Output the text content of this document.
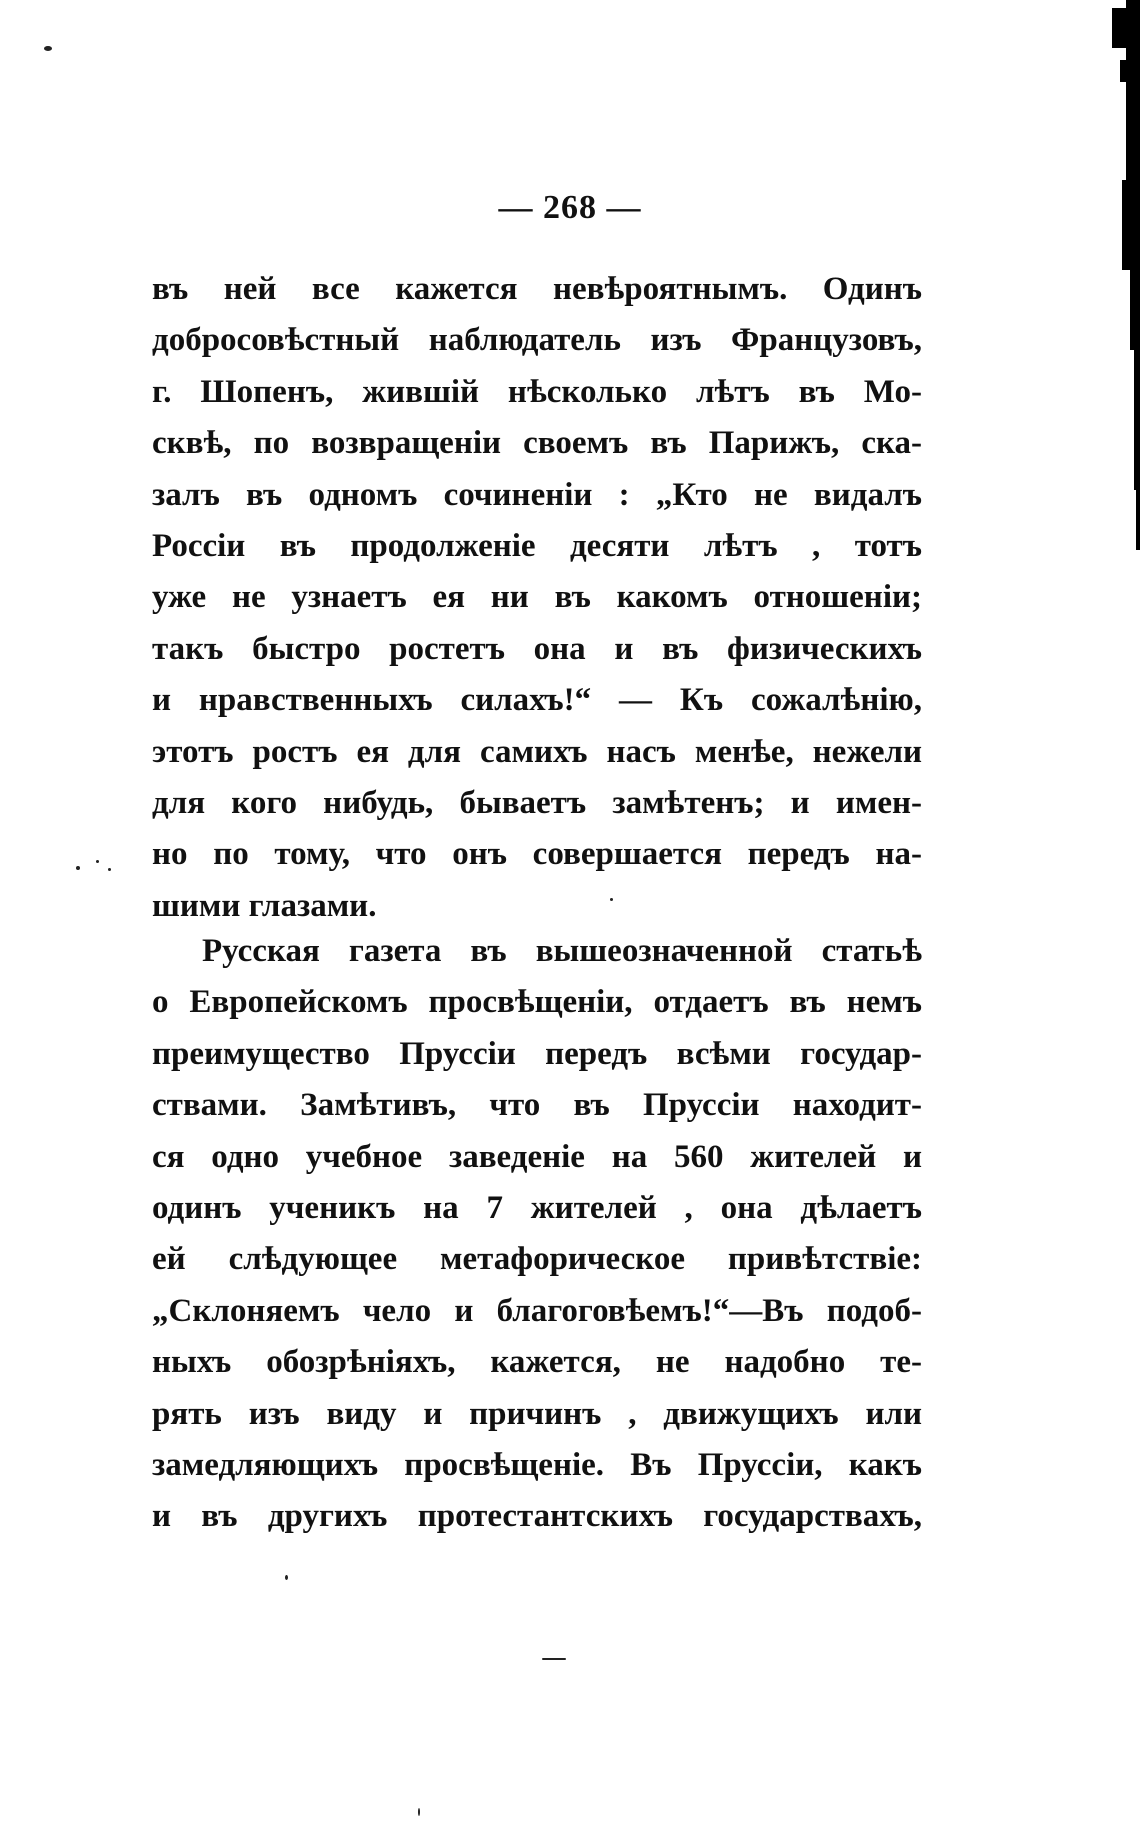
— 268 —
въ ней все кажется невѣроятнымъ. Одинъ
добросовѣстный наблюдатель изъ Французовъ,
г. Шопенъ, жившій нѣсколько лѣтъ въ Мо-
сквѣ, по возвращеніи своемъ въ Парижъ, ска-
залъ въ одномъ сочиненіи : „Кто не видалъ
Россіи въ продолженіе десяти лѣтъ , тотъ
уже не узнаетъ ея ни въ какомъ отношеніи;
такъ быстро ростетъ она и въ физическихъ
и нравственныхъ силахъ!“ — Къ сожалѣнію,
этотъ ростъ ея для самихъ насъ менѣе, нежели
для кого нибудь, бываетъ замѣтенъ; и имен-
но по тому, что онъ совершается передъ на-
шими глазами.
Русская газета въ вышеозначенной статьѣ
о Европейскомъ просвѣщеніи, отдаетъ въ немъ
преимущество Пруссіи передъ всѣми государ-
ствами. Замѣтивъ, что въ Пруссіи находит-
ся одно учебное заведеніе на 560 жителей и
одинъ ученикъ на 7 жителей , она дѣлаетъ
ей слѣдующее метафорическое привѣтствіе:
„Склоняемъ чело и благоговѣемъ!“—Въ подоб-
ныхъ обозрѣніяхъ, кажется, не надобно те-
рять изъ виду и причинъ , движущихъ или
замедляющихъ просвѣщеніе. Въ Пруссіи, какъ
и въ другихъ протестантскихъ государствахъ,
